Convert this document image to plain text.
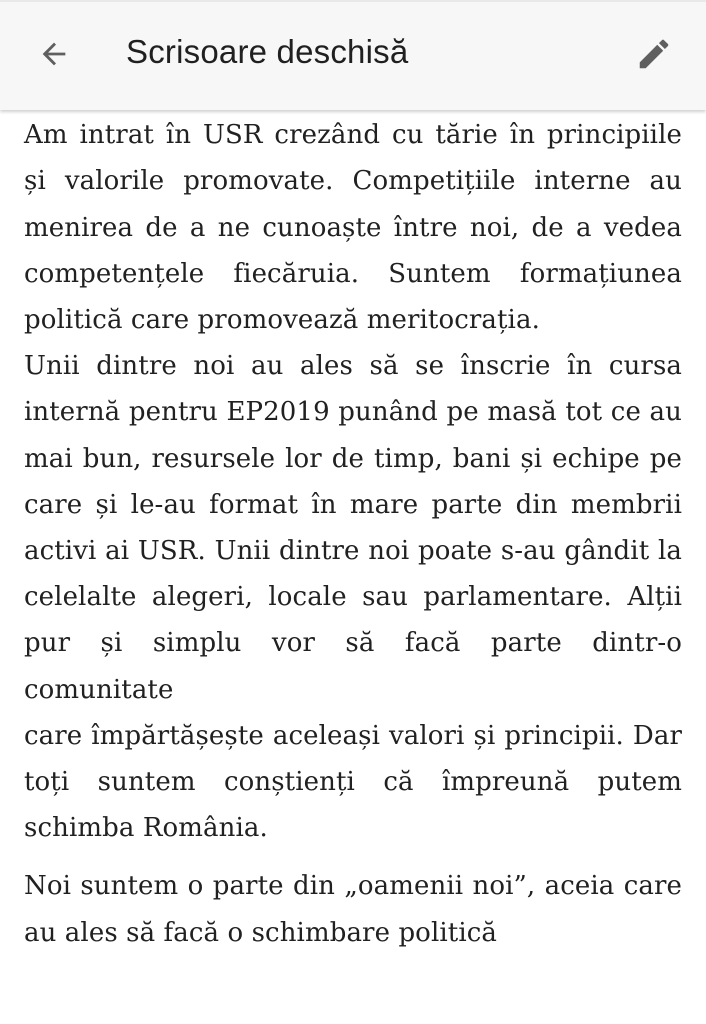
Am intrat în USR crezând cu tărie în principiile și valorile promovate. Competițiile interne au menirea de a ne cunoaște între noi, de a vedea competențele fiecăruia. Suntem formațiunea politică care promovează meritocrația.

Unii dintre noi au ales să se înscrie în cursa internă pentru EP2019 punând pe masă tot ce au mai bun, resursele lor de timp, bani și echipe pe care și le-au format în mare parte din membrii activi ai USR. Unii dintre noi poate s-au gândit la celelalte alegeri, locale sau parlamentare. Alții pur și simplu vor să facă parte dintr-o comunitate

care împărtășește aceleași valori și principii. Dar toți suntem conștienți că împreună putem schimba România.

Noi suntem o parte din „oamenii noi”, aceia care au ales să facă o schimbare politică

Scrisoare deschisă
